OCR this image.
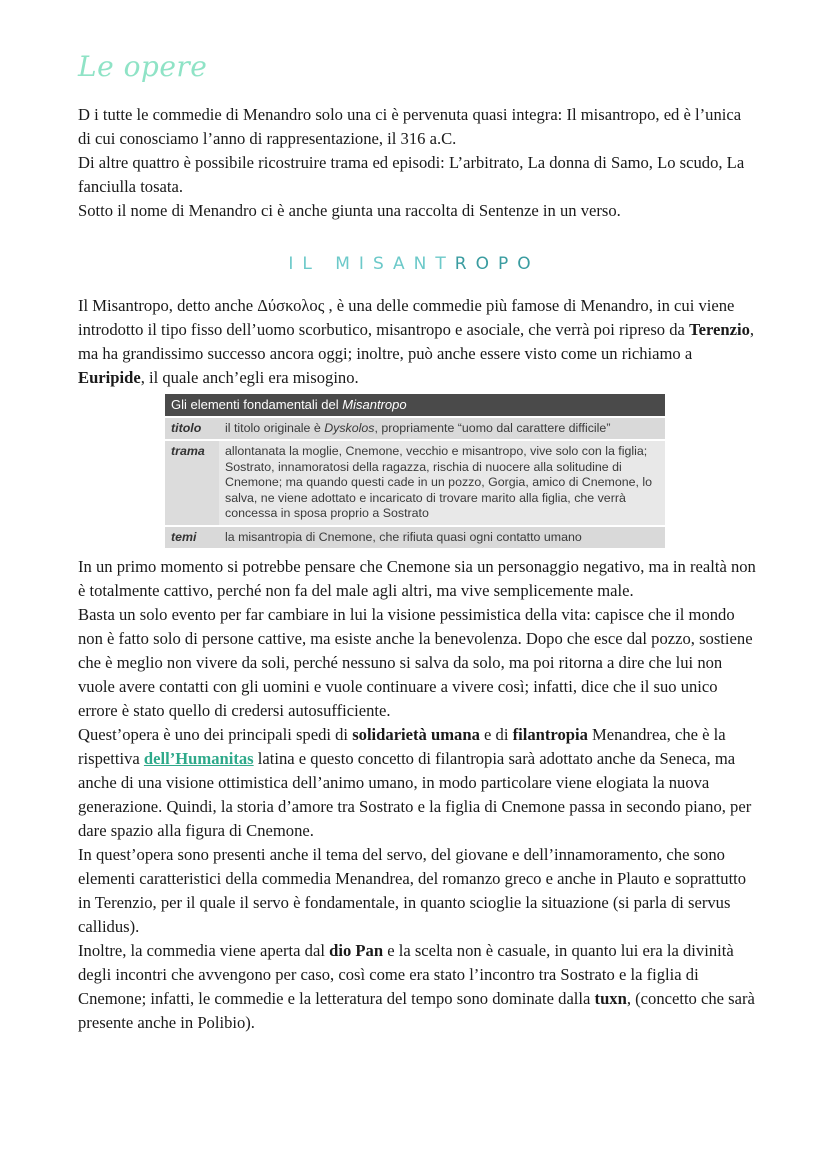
Le opere

D i tutte le commedie di Menandro solo una ci è pervenuta quasi integra: Il misantropo, ed è l’unica di cui conosciamo l’anno di rappresentazione, il 316 a.C.

Di altre quattro è possibile ricostruire trama ed episodi: L’arbitrato, La donna di Samo, Lo scudo, La fanciulla tosata.

Sotto il nome di Menandro ci è anche giunta una raccolta di Sentenze in un verso.

IL MISANTROPO

Il Misantropo, detto anche Δύσκολος , è una delle commedie più famose di Menandro, in cui viene introdotto il tipo fisso dell’uomo scorbutico, misantropo e asociale, che verrà poi ripreso da Terenzio, ma ha grandissimo successo ancora oggi; inoltre, può anche essere visto come un richiamo a Euripide, il quale anch’egli era misogino.

Gli elementi fondamentali del Misantropo	
titolo	il titolo originale è Dyskolos, propriamente “uomo dal carattere difficile”
trama	allontanata la moglie, Cnemone, vecchio e misantropo, vive solo con la figlia; Sostrato, innamoratosi della ragazza, rischia di nuocere alla solitudine di Cnemone; ma quando questi cade in un pozzo, Gorgia, amico di Cnemone, lo salva, ne viene adottato e incaricato di trovare marito alla figlia, che verrà concessa in sposa proprio a Sostrato
temi	la misantropia di Cnemone, che rifiuta quasi ogni contatto umano

In un primo momento si potrebbe pensare che Cnemone sia un personaggio negativo, ma in realtà non è totalmente cattivo, perché non fa del male agli altri, ma vive semplicemente male.

Basta un solo evento per far cambiare in lui la visione pessimistica della vita: capisce che il mondo non è fatto solo di persone cattive, ma esiste anche la benevolenza. Dopo che esce dal pozzo, sostiene che è meglio non vivere da soli, perché nessuno si salva da solo, ma poi ritorna a dire che lui non vuole avere contatti con gli uomini e vuole continuare a vivere così; infatti, dice che il suo unico errore è stato quello di credersi autosufficiente.

Quest’opera è uno dei principali spedi di solidarietà umana e di filantropia Menandrea, che è la rispettiva dell’Humanitas latina e questo concetto di filantropia sarà adottato anche da Seneca, ma anche di una visione ottimistica dell’animo umano, in modo particolare viene elogiata la nuova generazione. Quindi, la storia d’amore tra Sostrato e la figlia di Cnemone passa in secondo piano, per dare spazio alla figura di Cnemone.

In quest’opera sono presenti anche il tema del servo, del giovane e dell’innamoramento, che sono elementi caratteristici della commedia Menandrea, del romanzo greco e anche in Plauto e soprattutto in Terenzio, per il quale il servo è fondamentale, in quanto scioglie la situazione (si parla di servus callidus).

Inoltre, la commedia viene aperta dal dio Pan e la scelta non è casuale, in quanto lui era la divinità degli incontri che avvengono per caso, così come era stato l’incontro tra Sostrato e la figlia di Cnemone; infatti, le commedie e la letteratura del tempo sono dominate dalla tuxn, (concetto che sarà presente anche in Polibio).
